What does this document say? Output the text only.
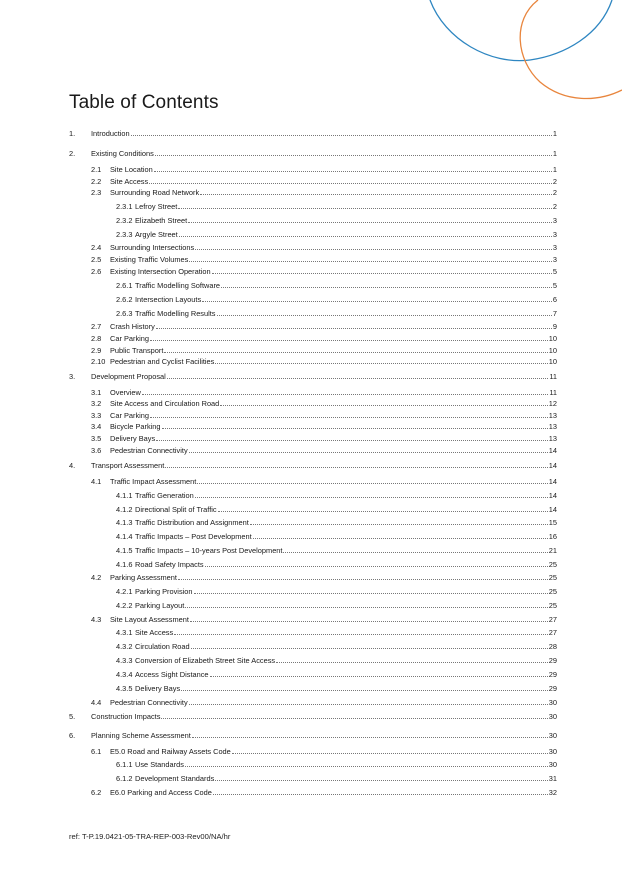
Table of Contents
1. Introduction	1
2. Existing Conditions	1
2.1 Site Location	1
2.2 Site Access	2
2.3 Surrounding Road Network	2
2.3.1 Lefroy Street	2
2.3.2 Elizabeth Street	3
2.3.3 Argyle Street	3
2.4 Surrounding Intersections	3
2.5 Existing Traffic Volumes	3
2.6 Existing Intersection Operation	5
2.6.1 Traffic Modelling Software	5
2.6.2 Intersection Layouts	6
2.6.3 Traffic Modelling Results	7
2.7 Crash History	9
2.8 Car Parking	10
2.9 Public Transport	10
2.10 Pedestrian and Cyclist Facilities	10
3. Development Proposal	11
3.1 Overview	11
3.2 Site Access and Circulation Road	12
3.3 Car Parking	13
3.4 Bicycle Parking	13
3.5 Delivery Bays	13
3.6 Pedestrian Connectivity	14
4. Transport Assessment	14
4.1 Traffic Impact Assessment	14
4.1.1 Traffic Generation	14
4.1.2 Directional Split of Traffic	14
4.1.3 Traffic Distribution and Assignment	15
4.1.4 Traffic Impacts – Post Development	16
4.1.5 Traffic Impacts – 10-years Post Development	21
4.1.6 Road Safety Impacts	25
4.2 Parking Assessment	25
4.2.1 Parking Provision	25
4.2.2 Parking Layout	25
4.3 Site Layout Assessment	27
4.3.1 Site Access	27
4.3.2 Circulation Road	28
4.3.3 Conversion of Elizabeth Street Site Access	29
4.3.4 Access Sight Distance	29
4.3.5 Delivery Bays	29
4.4 Pedestrian Connectivity	30
5. Construction Impacts	30
6. Planning Scheme Assessment	30
6.1 E5.0 Road and Railway Assets Code	30
6.1.1 Use Standards	30
6.1.2 Development Standards	31
6.2 E6.0 Parking and Access Code	32
ref: T-P.19.0421-05-TRA-REP-003-Rev00/NA/hr
